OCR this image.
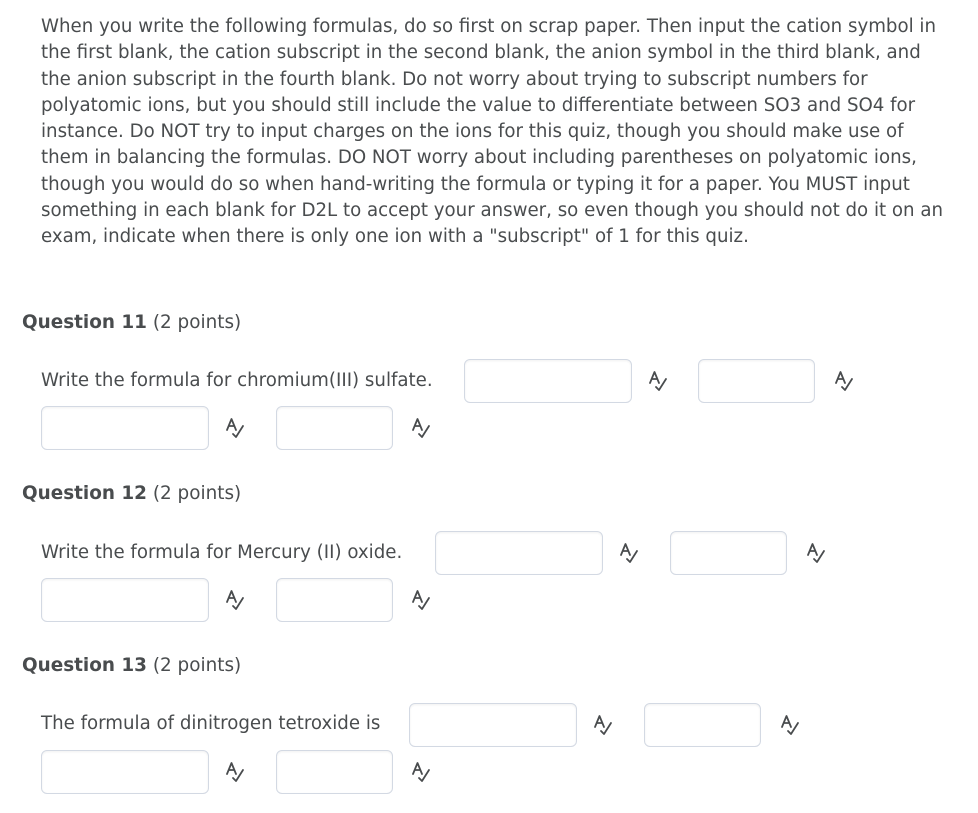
When you write the following formulas, do so first on scrap paper. Then input the cation symbol in the first blank, the cation subscript in the second blank, the anion symbol in the third blank, and the anion subscript in the fourth blank. Do not worry about trying to subscript numbers for polyatomic ions, but you should still include the value to differentiate between SO3 and SO4 for instance. Do NOT try to input charges on the ions for this quiz, though you should make use of them in balancing the formulas. DO NOT worry about including parentheses on polyatomic ions, though you would do so when hand-writing the formula or typing it for a paper. You MUST input something in each blank for D2L to accept your answer, so even though you should not do it on an exam, indicate when there is only one ion with a "subscript" of 1 for this quiz.
Question 11 (2 points)
Write the formula for chromium(III) sulfate.
Question 12 (2 points)
Write the formula for Mercury (II) oxide.
Question 13 (2 points)
The formula of dinitrogen tetroxide is
